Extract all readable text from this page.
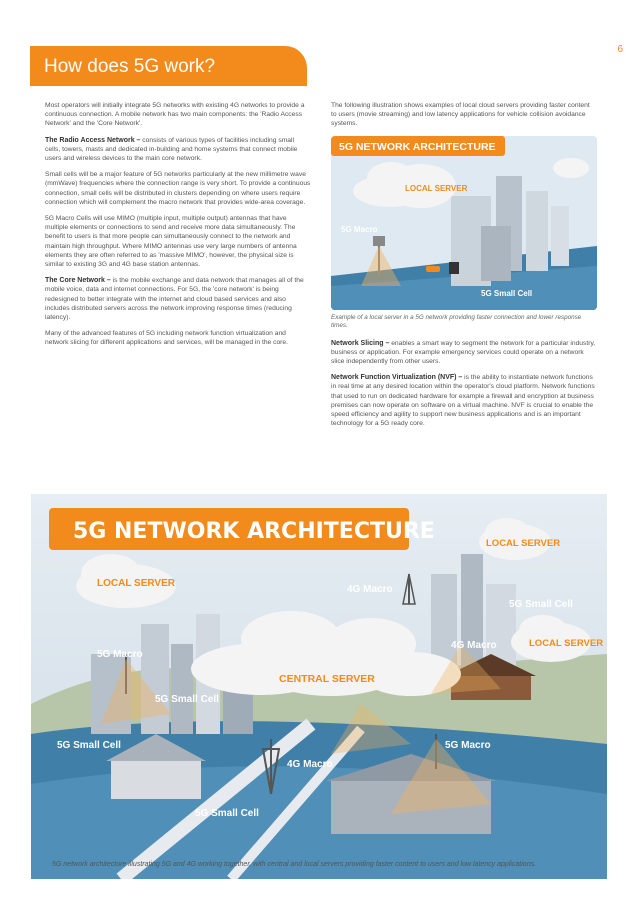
6
How does 5G work?

Most operators will initially integrate 5G networks with existing 4G networks to provide a continuous connection. A mobile network has two main components: the 'Radio Access Network' and the 'Core Network'.

The Radio Access Network – consists of various types of facilities including small cells, towers, masts and dedicated in-building and home systems that connect mobile users and wireless devices to the main core network.

Small cells will be a major feature of 5G networks particularly at the new millimetre wave (mmWave) frequencies where the connection range is very short. To provide a continuous connection, small cells will be distributed in clusters depending on where users require connection which will complement the macro network that provides wide-area coverage.

5G Macro Cells will use MIMO (multiple input, multiple output) antennas that have multiple elements or connections to send and receive more data simultaneously. The benefit to users is that more people can simultaneously connect to the network and maintain high throughput. Where MIMO antennas use very large numbers of antenna elements they are often referred to as 'massive MIMO', however, the physical size is similar to existing 3G and 4G base station antennas.

The Core Network – is the mobile exchange and data network that manages all of the mobile voice, data and internet connections. For 5G, the 'core network' is being redesigned to better integrate with the internet and cloud based services and also includes distributed servers across the network improving response times (reducing latency).

Many of the advanced features of 5G including network function virtualization and network slicing for different applications and services, will be managed in the core.

The following illustration shows examples of local cloud servers providing faster content to users (movie streaming) and low latency applications for vehicle collision avoidance systems.

5G NETWORK ARCHITECTURE
LOCAL SERVER
5G Macro
5G Small Cell

Example of a local server in a 5G network providing faster connection and lower response times.

Network Slicing – enables a smart way to segment the network for a particular industry, business or application. For example emergency services could operate on a network slice independently from other users.

Network Function Virtualization (NVF) – is the ability to instantiate network functions in real time at any desired location within the operator's cloud platform. Network functions that used to run on dedicated hardware for example a firewall and encryption at business premises can now operate on software on a virtual machine. NVF is crucial to enable the speed efficiency and agility to support new business applications and is an important technology for a 5G ready core.

5G NETWORK ARCHITECTURE
CENTRAL SERVER
LOCAL SERVER
LOCAL SERVER
LOCAL SERVER
5G Macro
4G Macro
5G Small Cell
4G Macro
5G Small Cell
5G Small Cell
4G Macro
5G Macro
5G Small Cell
5G network architecture illustrating 5G and 4G working together, with central and local servers providing faster content to users and low latency applications.
